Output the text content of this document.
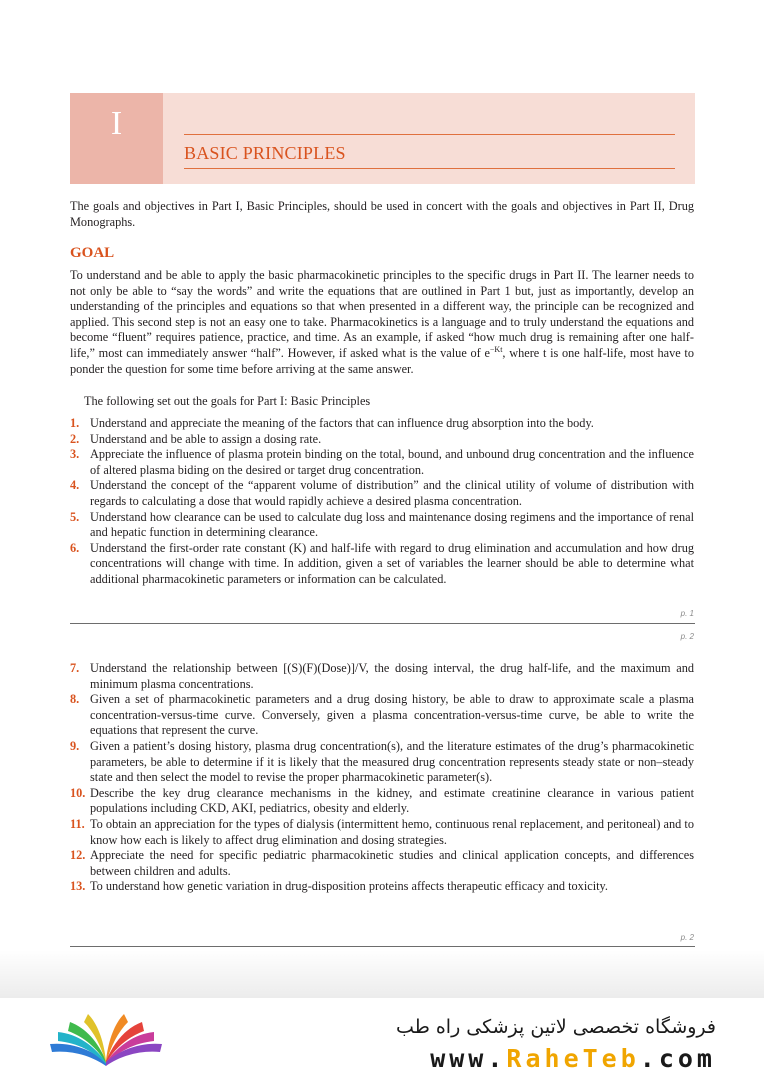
I
BASIC PRINCIPLES
The goals and objectives in Part I, Basic Principles, should be used in concert with the goals and objectives in Part II, Drug Monographs.
GOAL
To understand and be able to apply the basic pharmacokinetic principles to the specific drugs in Part II. The learner needs to not only be able to “say the words” and write the equations that are outlined in Part 1 but, just as importantly, develop an understanding of the principles and equations so that when presented in a different way, the principle can be recognized and applied. This second step is not an easy one to take. Pharmacokinetics is a language and to truly understand the equations and become “fluent” requires patience, practice, and time. As an example, if asked “how much drug is remaining after one half-life,” most can immediately answer “half”. However, if asked what is the value of $e^{-Kt}$, where t is one half-life, most have to ponder the question for some time before arriving at the same answer.
The following set out the goals for Part I: Basic Principles
1. Understand and appreciate the meaning of the factors that can influence drug absorption into the body.
2. Understand and be able to assign a dosing rate.
3. Appreciate the influence of plasma protein binding on the total, bound, and unbound drug concentration and the influence of altered plasma biding on the desired or target drug concentration.
4. Understand the concept of the “apparent volume of distribution” and the clinical utility of volume of distribution with regards to calculating a dose that would rapidly achieve a desired plasma concentration.
5. Understand how clearance can be used to calculate dug loss and maintenance dosing regimens and the importance of renal and hepatic function in determining clearance.
6. Understand the first-order rate constant (K) and half-life with regard to drug elimination and accumulation and how drug concentrations will change with time. In addition, given a set of variables the learner should be able to determine what additional pharmacokinetic parameters or information can be calculated.
p. 1
p. 2
7. Understand the relationship between [(S)(F)(Dose)]/V, the dosing interval, the drug half-life, and the maximum and minimum plasma concentrations.
8. Given a set of pharmacokinetic parameters and a drug dosing history, be able to draw to approximate scale a plasma concentration-versus-time curve. Conversely, given a plasma concentration-versus-time curve, be able to write the equations that represent the curve.
9. Given a patient’s dosing history, plasma drug concentration(s), and the literature estimates of the drug’s pharmacokinetic parameters, be able to determine if it is likely that the measured drug concentration represents steady state or non–steady state and then select the model to revise the proper pharmacokinetic parameter(s).
10. Describe the key drug clearance mechanisms in the kidney, and estimate creatinine clearance in various patient populations including CKD, AKI, pediatrics, obesity and elderly.
11. To obtain an appreciation for the types of dialysis (intermittent hemo, continuous renal replacement, and peritoneal) and to know how each is likely to affect drug elimination and dosing strategies.
12. Appreciate the need for specific pediatric pharmacokinetic studies and clinical application concepts, and differences between children and adults.
13. To understand how genetic variation in drug-disposition proteins affects therapeutic efficacy and toxicity.
p. 2
فروشگاه تخصصی لاتین پزشکی راه طب
www.RaheTeb.com
